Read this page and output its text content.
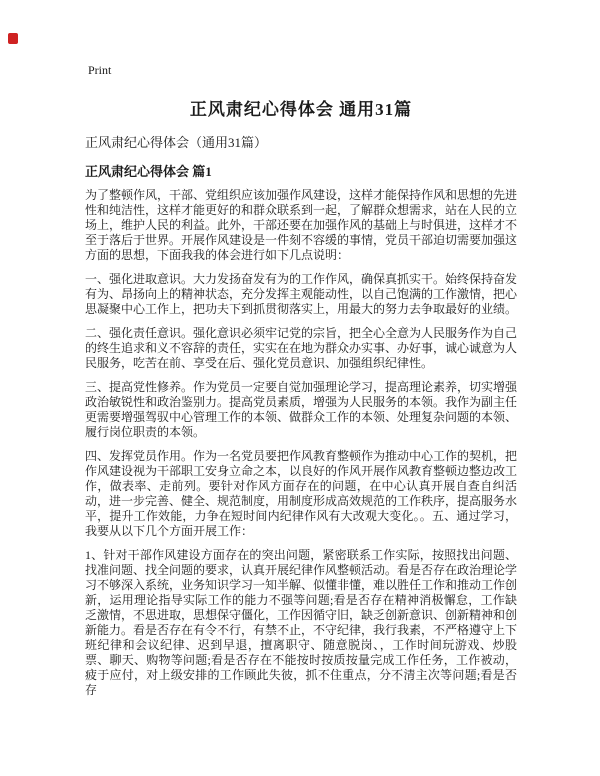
Print
正风肃纪心得体会 通用31篇
正风肃纪心得体会（通用31篇）
正风肃纪心得体会 篇1

为了整顿作风，干部、党组织应该加强作风建设，这样才能保持作风和思想的先进性和纯洁性，这样才能更好的和群众联系到一起，了解群众想需求，站在人民的立场上，维护人民的利益。此外，干部还要在加强作风的基础上与时俱进，这样才不至于落后于世界。开展作风建设是一件刻不容缓的事情，党员干部迫切需要加强这方面的思想，下面我我的体会进行如下几点说明：

一、强化进取意识。大力发扬奋发有为的工作作风，确保真抓实干。始终保持奋发有为、昂扬向上的精神状态，充分发挥主观能动性，以自己饱满的工作激情，把心思凝聚中心工作上，把功夫下到抓贯彻落实上，用最大的努力去争取最好的业绩。

二、强化责任意识。强化意识必须牢记党的宗旨，把全心全意为人民服务作为自己的终生追求和义不容辞的责任，实实在在地为群众办实事、办好事，诚心诚意为人民服务，吃苦在前、享受在后、强化党员意识、加强组织纪律性。

三、提高党性修养。作为党员一定要自觉加强理论学习，提高理论素养，切实增强政治敏锐性和政治鉴别力。提高党员素质，增强为人民服务的本领。我作为副主任更需要增强驾驭中心管理工作的本领、做群众工作的本领、处理复杂问题的本领、履行岗位职责的本领。

四、发挥党员作用。作为一名党员要把作风教育整顿作为推动中心工作的契机，把作风建设视为干部职工安身立命之本，以良好的作风开展作风教育整顿边整边改工作，做表率、走前列。要针对作风方面存在的问题，在中心认真开展自查自纠活动，进一步完善、健全、规范制度，用制度形成高效规范的工作秩序，提高服务水平，提升工作效能，力争在短时间内纪律作风有大改观大变化。。五、通过学习，我要从以下几个方面开展工作：

1、针对干部作风建设方面存在的突出问题，紧密联系工作实际，按照找出问题、找准问题、找全问题的要求，认真开展纪律作风整顿活动。看是否存在政治理论学习不够深入系统，业务知识学习一知半解、似懂非懂，难以胜任工作和推动工作创新，运用理论指导实际工作的能力不强等问题;看是否存在精神消极懈怠，工作缺乏激情，不思进取，思想保守僵化，工作因循守旧，缺乏创新意识、创新精神和创新能力。看是否存在有令不行，有禁不止，不守纪律，我行我素，不严格遵守上下班纪律和会议纪律、迟到早退，擅离职守、随意脱岗、，工作时间玩游戏、炒股票、聊天、购物等问题;看是否存在不能按时按质按量完成工作任务，工作被动，疲于应付，对上级安排的工作顾此失彼，抓不住重点，分不清主次等问题;看是否存
